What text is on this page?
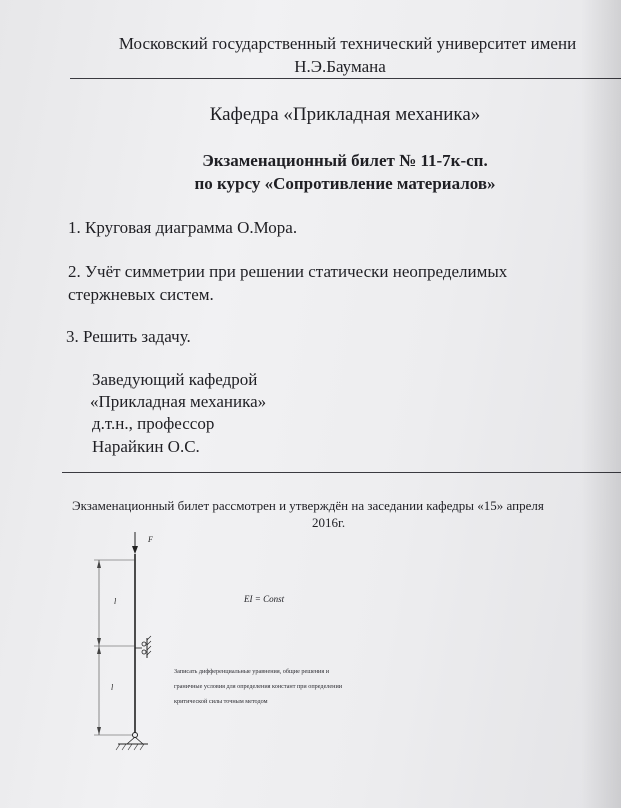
Московский государственный технический университет имени
Н.Э.Баумана
Кафедра «Прикладная механика»
Экзаменационный билет № 11-7к-сп.
по курсу «Сопротивление материалов»
1. Круговая диаграмма О.Мора.
2. Учёт симметрии при решении статически неопределимых
стержневых систем.
3. Решить задачу.
Заведующий кафедрой
«Прикладная механика»
д.т.н., профессор
Нарайкин О.С.
Экзаменационный билет рассмотрен и утверждён на заседании кафедры «15» апреля
2016г.
F
l
l
EI = Const
Записать дифференциальные уравнения, общие решения и
граничные условия для определения констант при определении
критической силы точным методом
